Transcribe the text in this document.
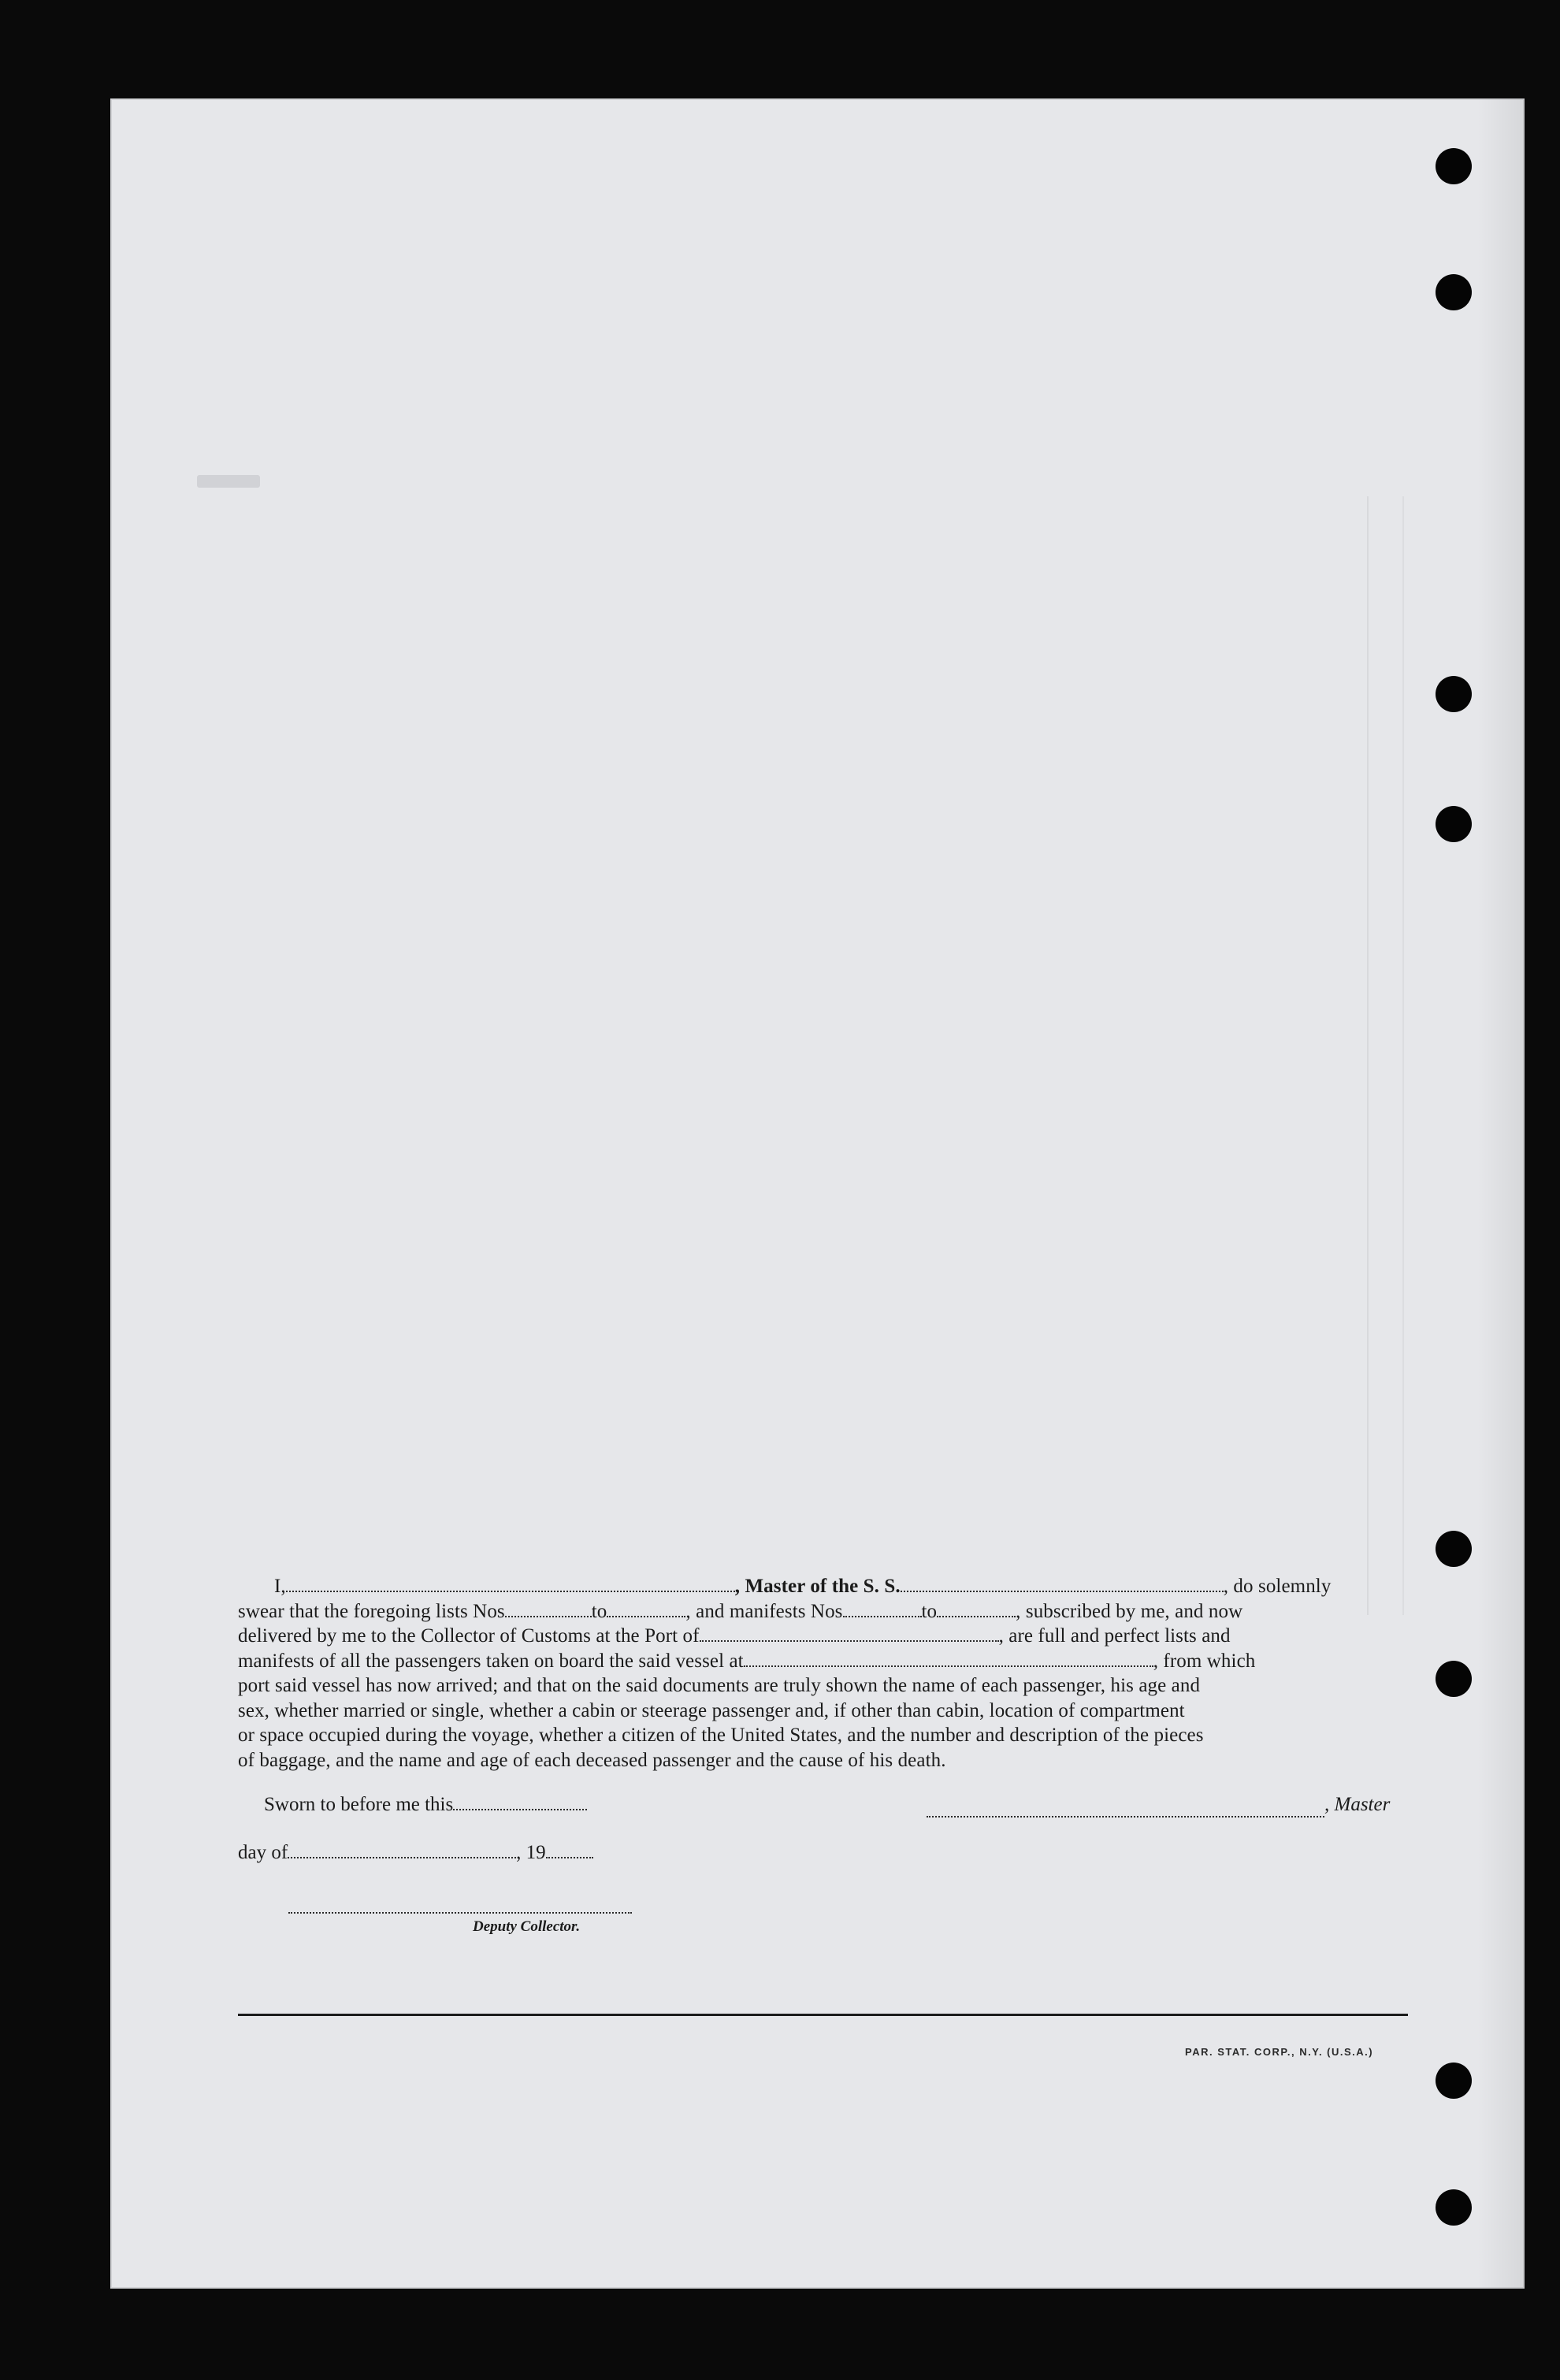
I,	, Master of the S. S.	, do solemnly
swear that the foregoing lists Nos	to	, and manifests Nos	to	, subscribed by me, and now
delivered by me to the Collector of Customs at the Port of	, are full and perfect lists and
manifests of all the passengers taken on board the said vessel at	, from which
port said vessel has now arrived; and that on the said documents are truly shown the name of each passenger, his age and
sex, whether married or single, whether a cabin or steerage passenger and, if other than cabin, location of compartment
or space occupied during the voyage, whether a citizen of the United States, and the number and description of the pieces
of baggage, and the name and age of each deceased passenger and the cause of his death.
Sworn to before me this	, Master
day of	, 19
Deputy Collector.
PAR. STAT. CORP., N.Y. (U.S.A.)
